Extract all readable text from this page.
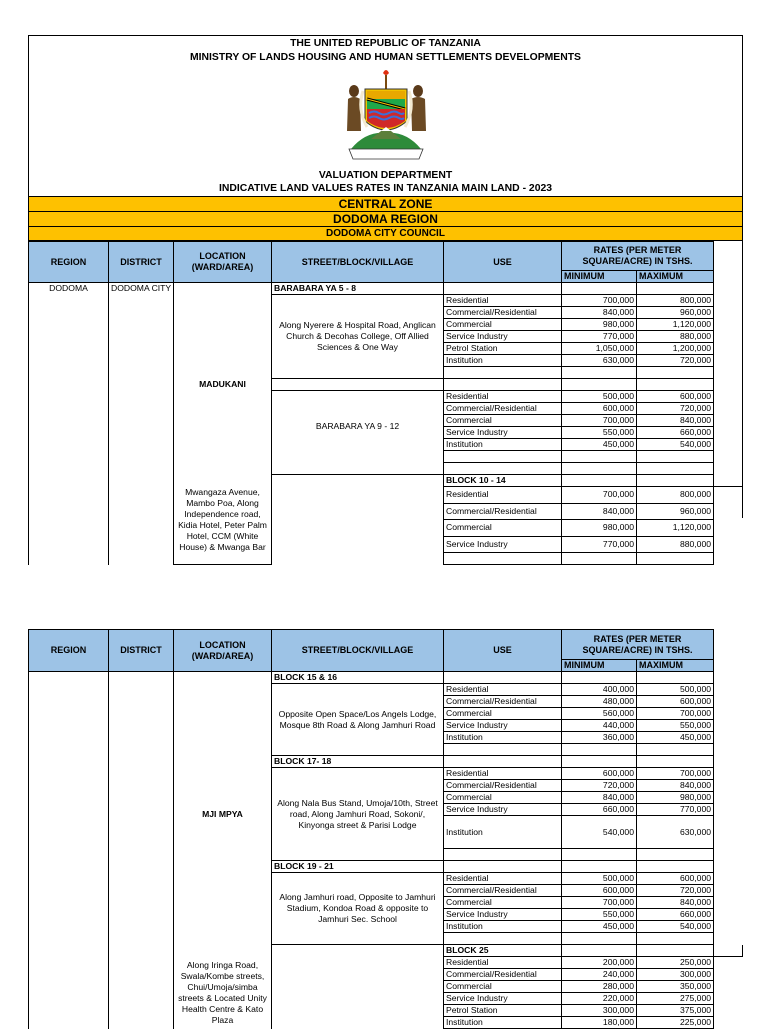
THE UNITED REPUBLIC OF TANZANIA
MINISTRY OF LANDS HOUSING AND HUMAN SETTLEMENTS DEVELOPMENTS
VALUATION DEPARTMENT
INDICATIVE LAND VALUES RATES IN TANZANIA MAIN LAND - 2023
CENTRAL ZONE
DODOMA REGION
DODOMA CITY COUNCIL
REGION	DISTRICT	LOCATION (WARD/AREA)	STREET/BLOCK/VILLAGE	USE	RATES (PER METER SQUARE/ACRE) IN TSHS.		
					MINIMUM	MAXIMUM	
DODOMA	DODOMA CITY	MADUKANI	BARABARA YA 5 - 8				
			Along Nyerere & Hospital Road, Anglican Church & Decohas College, Off Allied Sciences & One Way	Residential	700,000	800,000	
				Commercial/Residential	840,000	960,000	
				Commercial	980,000	1,120,000	
				Service Industry	770,000	880,000	
				Petrol Station	1,050,000	1,200,000	
				Institution	630,000	720,000	

			BARABARA YA 9 - 12	Residential	500,000	600,000	
				Commercial/Residential	600,000	720,000	
				Commercial	700,000	840,000	
				Service Industry	550,000	660,000	
				Institution	450,000	540,000	

				BLOCK 10 - 14			
		Mwangaza Avenue, Mambo Poa, Along Independence road, Kidia Hotel, Peter Palm Hotel, CCM (White House) & Mwanga Bar		Residential	700,000	800,000	
				Commercial/Residential	840,000	960,000	
				Commercial	980,000	1,120,000	
				Service Industry	770,000	880,000	

REGION	DISTRICT	LOCATION (WARD/AREA)	STREET/BLOCK/VILLAGE	USE	RATES (PER METER SQUARE/ACRE) IN TSHS.		
					MINIMUM	MAXIMUM	
		MJI MPYA	BLOCK 15 & 16				
			Opposite Open Space/Los Angels Lodge, Mosque 8th Road & Along Jamhuri Road	Residential	400,000	500,000	
				Commercial/Residential	480,000	600,000	
				Commercial	560,000	700,000	
				Service Industry	440,000	550,000	
				Institution	360,000	450,000	

			BLOCK 17- 18				
			Along Nala Bus Stand, Umoja/10th, Street road, Along Jamhuri Road, Sokoni/, Kinyonga street & Parisi Lodge	Residential	600,000	700,000	
				Commercial/Residential	720,000	840,000	
				Commercial	840,000	980,000	
				Service Industry	660,000	770,000	
				Institution	540,000	630,000	

			BLOCK 19 - 21				
			Along Jamhuri road, Opposite to Jamhuri Stadium, Kondoa Road & opposite to Jamhuri Sec. School	Residential	500,000	600,000	
				Commercial/Residential	600,000	720,000	
				Commercial	700,000	840,000	
				Service Industry	550,000	660,000	
				Institution	450,000	540,000	

				BLOCK 25			
		Along Iringa Road, Swala/Kombe streets, Chui/Umoja/simba streets & Located Unity Health Centre & Kato Plaza		Residential	200,000	250,000	
				Commercial/Residential	240,000	300,000	
				Commercial	280,000	350,000	
				Service Industry	220,000	275,000	
				Petrol Station	300,000	375,000	
				Institution	180,000	225,000	
